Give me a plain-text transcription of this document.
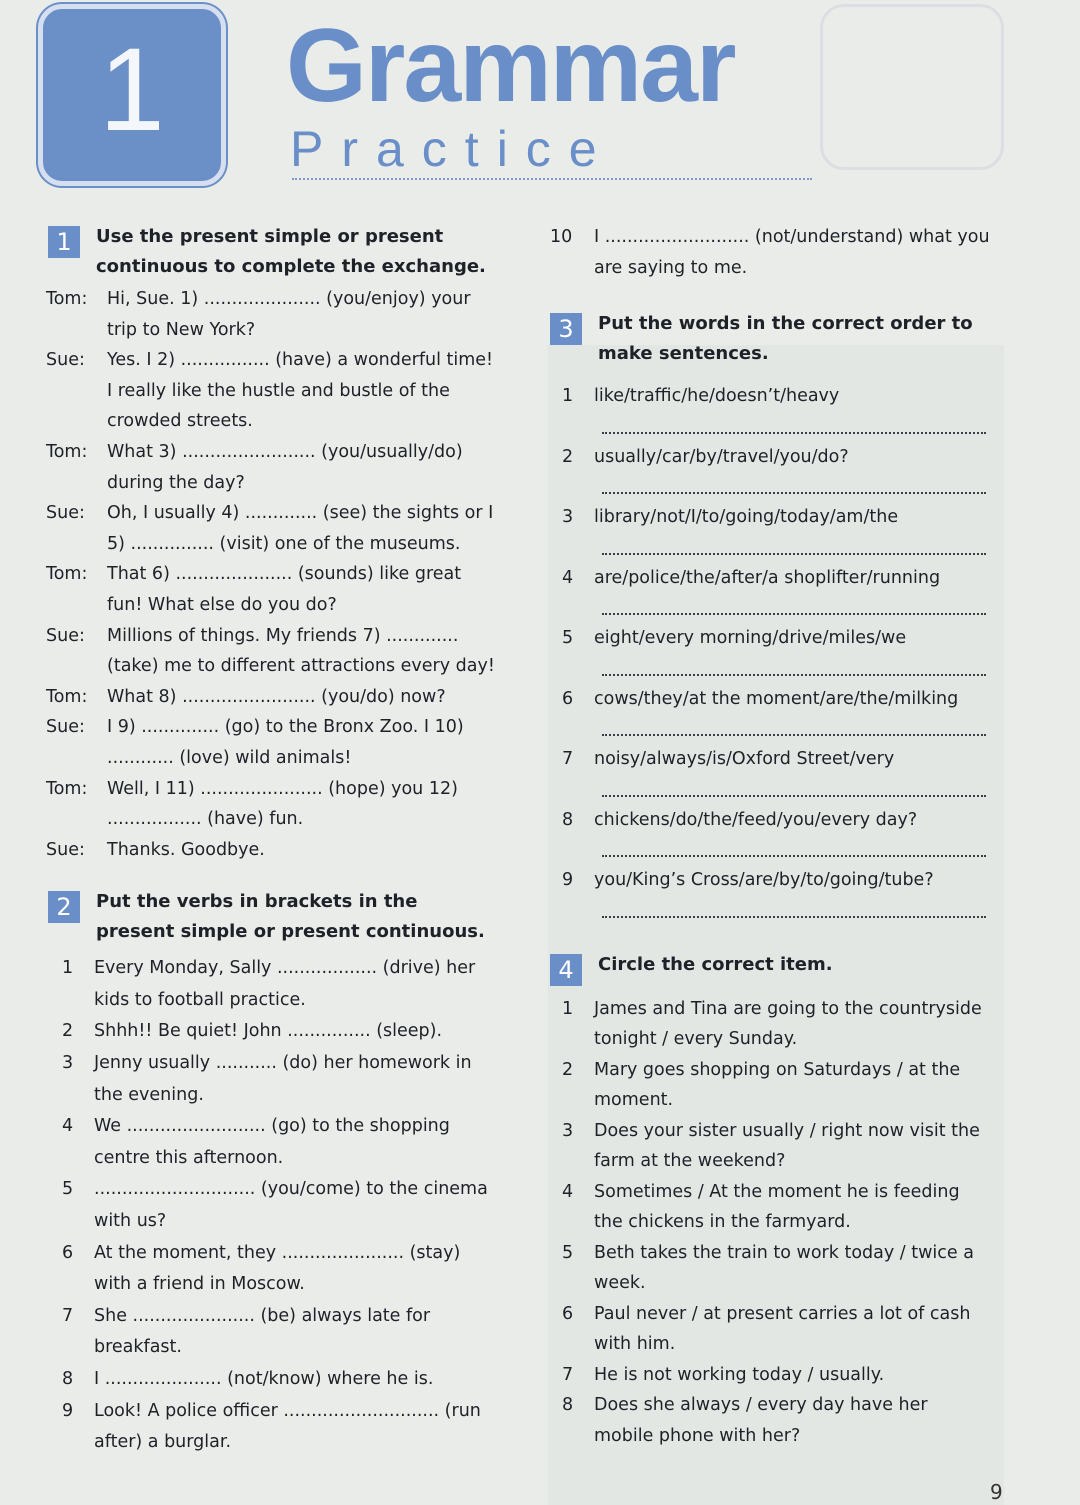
1	Grammar
Practice
1	Use the present simple or present continuous to complete the exchange.
Tom: Hi, Sue. 1) ..................... (you/enjoy) your trip to New York?
Sue: Yes. I 2) ................ (have) a wonderful time! I really like the hustle and bustle of the crowded streets.
Tom: What 3) ........................ (you/usually/do) during the day?
Sue: Oh, I usually 4) ............. (see) the sights or I 5) ............... (visit) one of the museums.
Tom: That 6) ..................... (sounds) like great fun! What else do you do?
Sue: Millions of things. My friends 7) ............. (take) me to different attractions every day!
Tom: What 8) ........................ (you/do) now?
Sue: I 9) .............. (go) to the Bronx Zoo. I 10) ............ (love) wild animals!
Tom: Well, I 11) ...................... (hope) you 12) ................. (have) fun.
Sue: Thanks. Goodbye.
2	Put the verbs in brackets in the present simple or present continuous.
1 Every Monday, Sally .................. (drive) her kids to football practice.
2 Shhh!! Be quiet! John ............... (sleep).
3 Jenny usually ........... (do) her homework in the evening.
4 We ......................... (go) to the shopping centre this afternoon.
5 ............................. (you/come) to the cinema with us?
6 At the moment, they ...................... (stay) with a friend in Moscow.
7 She ...................... (be) always late for breakfast.
8 I ..................... (not/know) where he is.
9 Look! A police officer ............................ (run after) a burglar.
10 I .......................... (not/understand) what you are saying to me.
3	Put the words in the correct order to make sentences.
1 like/traffic/he/doesn’t/heavy
2 usually/car/by/travel/you/do?
3 library/not/I/to/going/today/am/the
4 are/police/the/after/a shoplifter/running
5 eight/every morning/drive/miles/we
6 cows/they/at the moment/are/the/milking
7 noisy/always/is/Oxford Street/very
8 chickens/do/the/feed/you/every day?
9 you/King’s Cross/are/by/to/going/tube?
4	Circle the correct item.
1 James and Tina are going to the countryside tonight / every Sunday.
2 Mary goes shopping on Saturdays / at the moment.
3 Does your sister usually / right now visit the farm at the weekend?
4 Sometimes / At the moment he is feeding the chickens in the farmyard.
5 Beth takes the train to work today / twice a week.
6 Paul never / at present carries a lot of cash with him.
7 He is not working today / usually.
8 Does she always / every day have her mobile phone with her?
9
